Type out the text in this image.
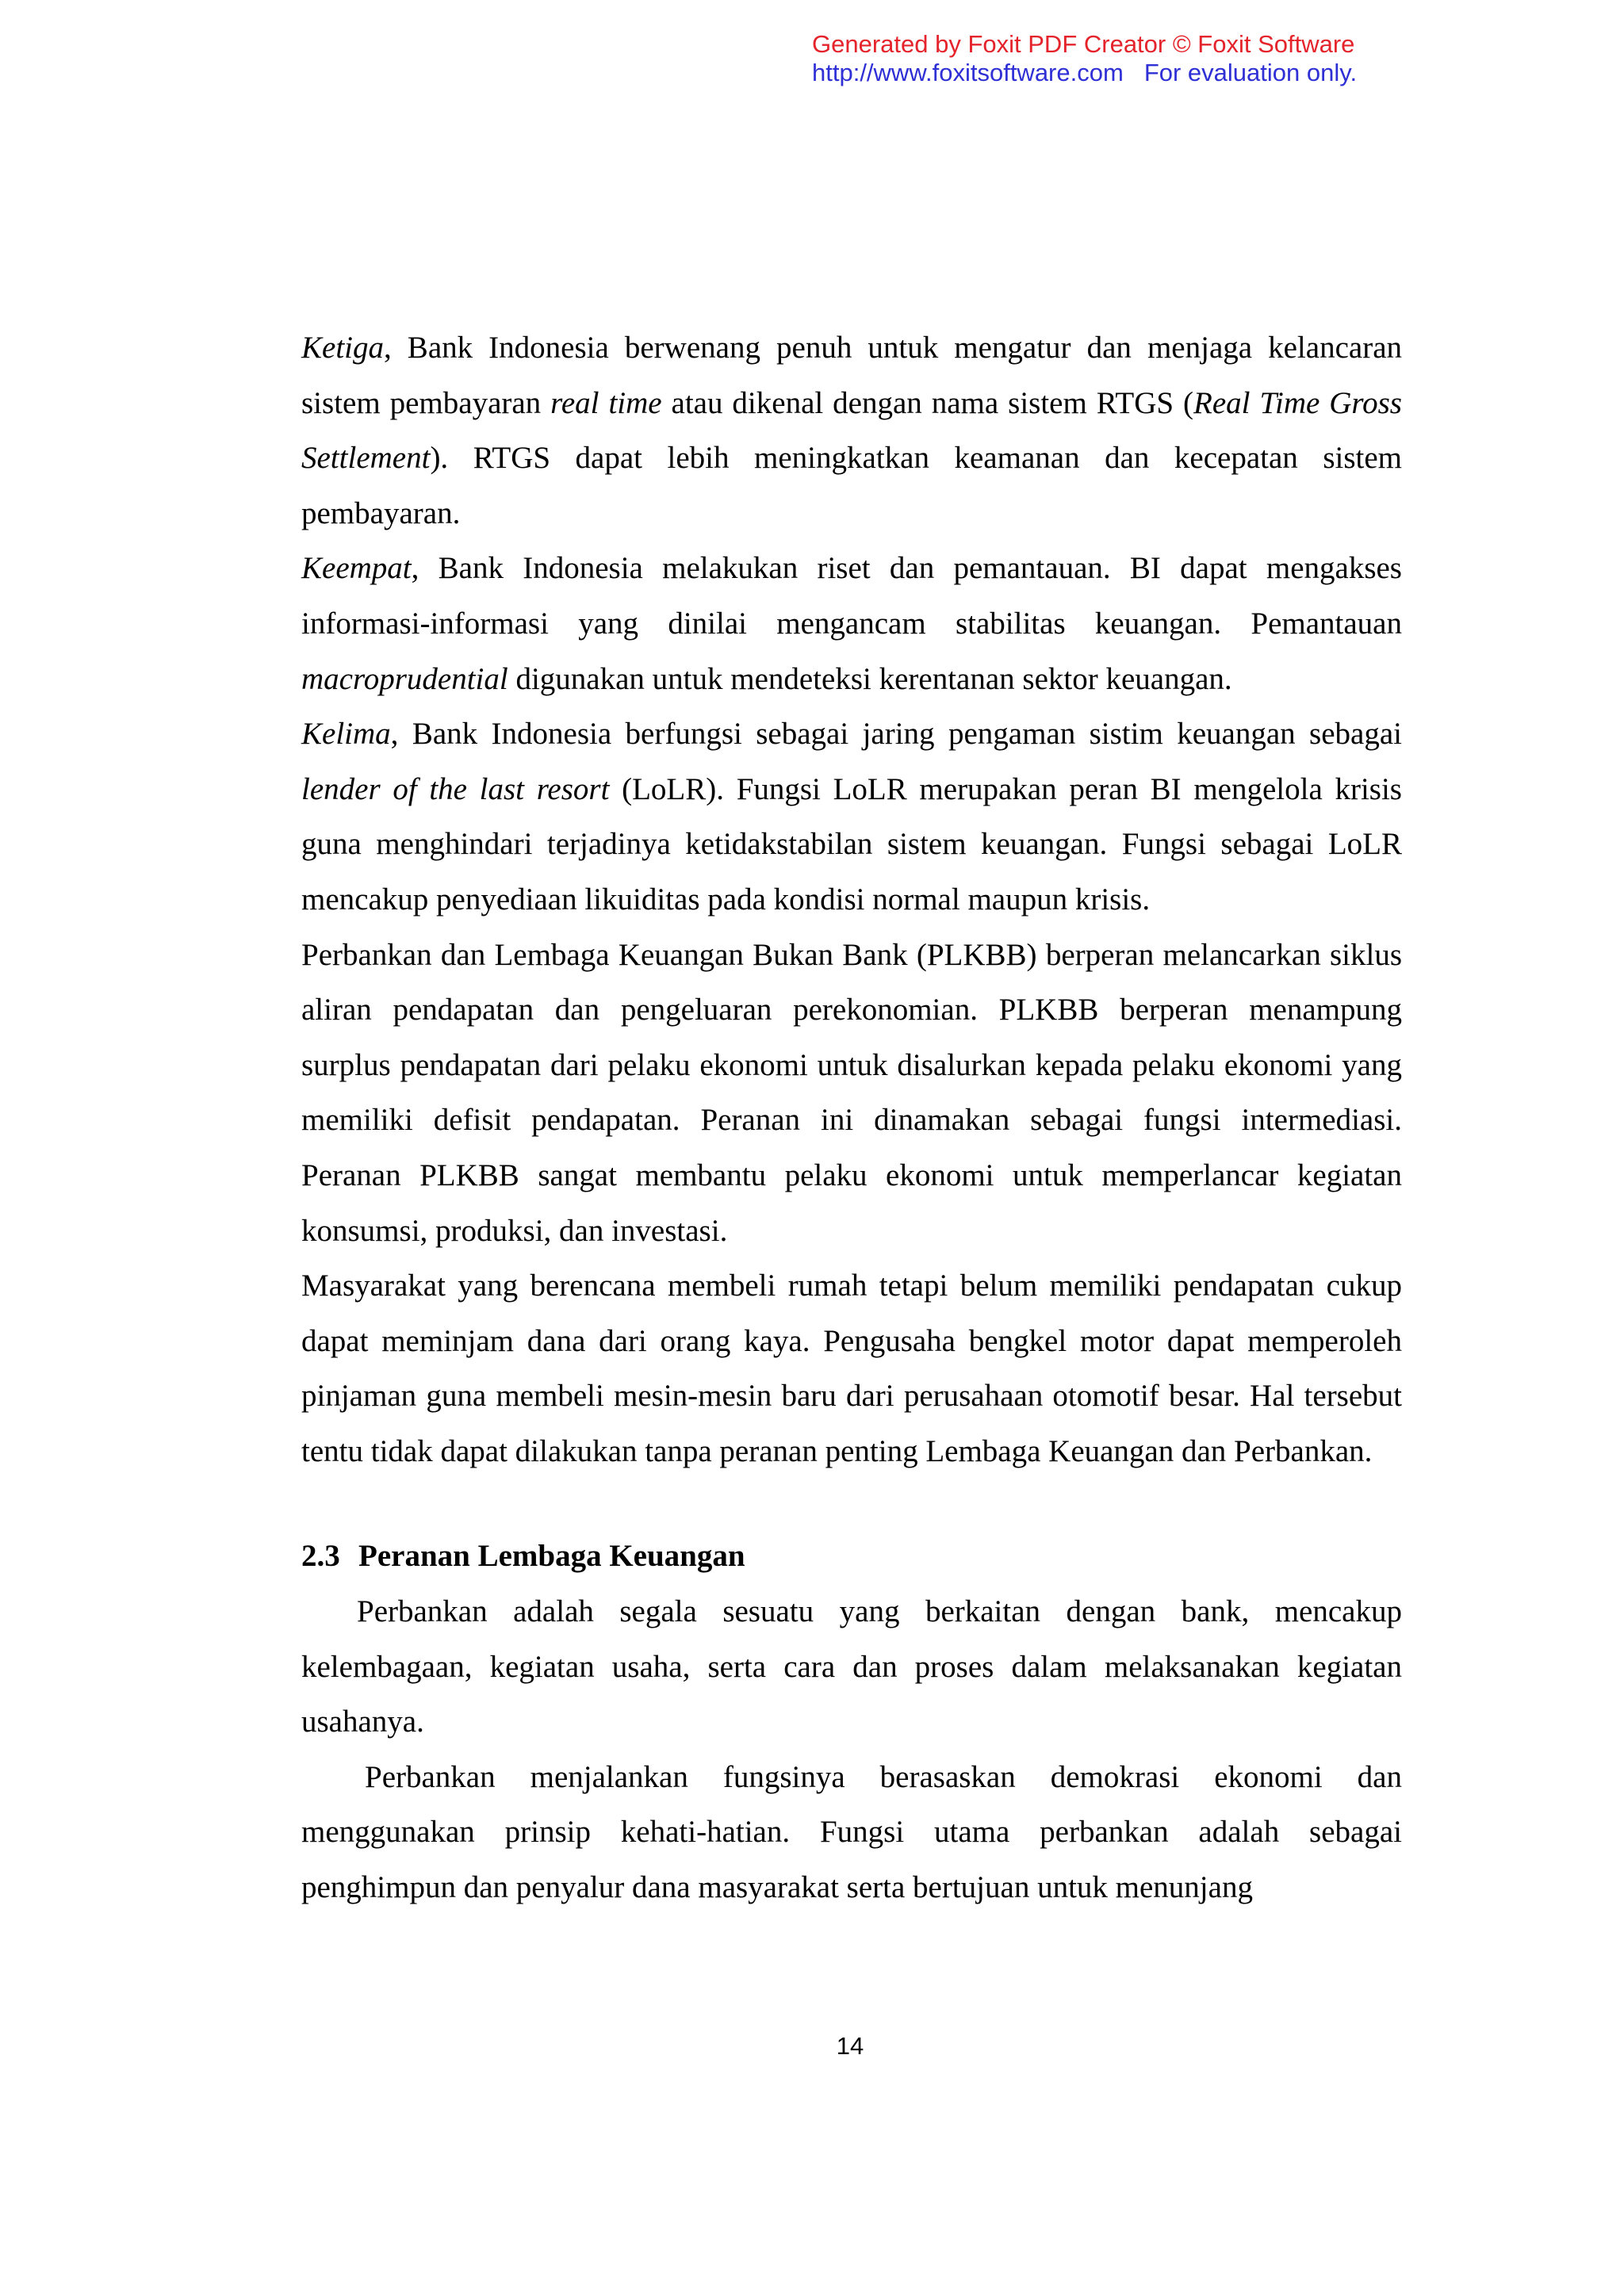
Generated by Foxit PDF Creator © Foxit Software
http://www.foxitsoftware.com For evaluation only.

Ketiga, Bank Indonesia berwenang penuh untuk mengatur dan menjaga kelancaran sistem pembayaran real time atau dikenal dengan nama sistem RTGS (Real Time Gross Settlement). RTGS dapat lebih meningkatkan keamanan dan kecepatan sistem pembayaran.

Keempat, Bank Indonesia melakukan riset dan pemantauan. BI dapat mengakses informasi-informasi yang dinilai mengancam stabilitas keuangan. Pemantauan macroprudential digunakan untuk mendeteksi kerentanan sektor keuangan.

Kelima, Bank Indonesia berfungsi sebagai jaring pengaman sistim keuangan sebagai lender of the last resort (LoLR). Fungsi LoLR merupakan peran BI mengelola krisis guna menghindari terjadinya ketidakstabilan sistem keuangan. Fungsi sebagai LoLR mencakup penyediaan likuiditas pada kondisi normal maupun krisis.

Perbankan dan Lembaga Keuangan Bukan Bank (PLKBB) berperan melancarkan siklus aliran pendapatan dan pengeluaran perekonomian. PLKBB berperan menampung surplus pendapatan dari pelaku ekonomi untuk disalurkan kepada pelaku ekonomi yang memiliki defisit pendapatan. Peranan ini dinamakan sebagai fungsi intermediasi. Peranan PLKBB sangat membantu pelaku ekonomi untuk memperlancar kegiatan konsumsi, produksi, dan investasi.

Masyarakat yang berencana membeli rumah tetapi belum memiliki pendapatan cukup dapat meminjam dana dari orang kaya. Pengusaha bengkel motor dapat memperoleh pinjaman guna membeli mesin-mesin baru dari perusahaan otomotif besar. Hal tersebut tentu tidak dapat dilakukan tanpa peranan penting Lembaga Keuangan dan Perbankan.

2.3 Peranan Lembaga Keuangan

Perbankan adalah segala sesuatu yang berkaitan dengan bank, mencakup kelembagaan, kegiatan usaha, serta cara dan proses dalam melaksanakan kegiatan usahanya.

Perbankan menjalankan fungsinya berasaskan demokrasi ekonomi dan menggunakan prinsip kehati-hatian. Fungsi utama perbankan adalah sebagai penghimpun dan penyalur dana masyarakat serta bertujuan untuk menunjang

14
